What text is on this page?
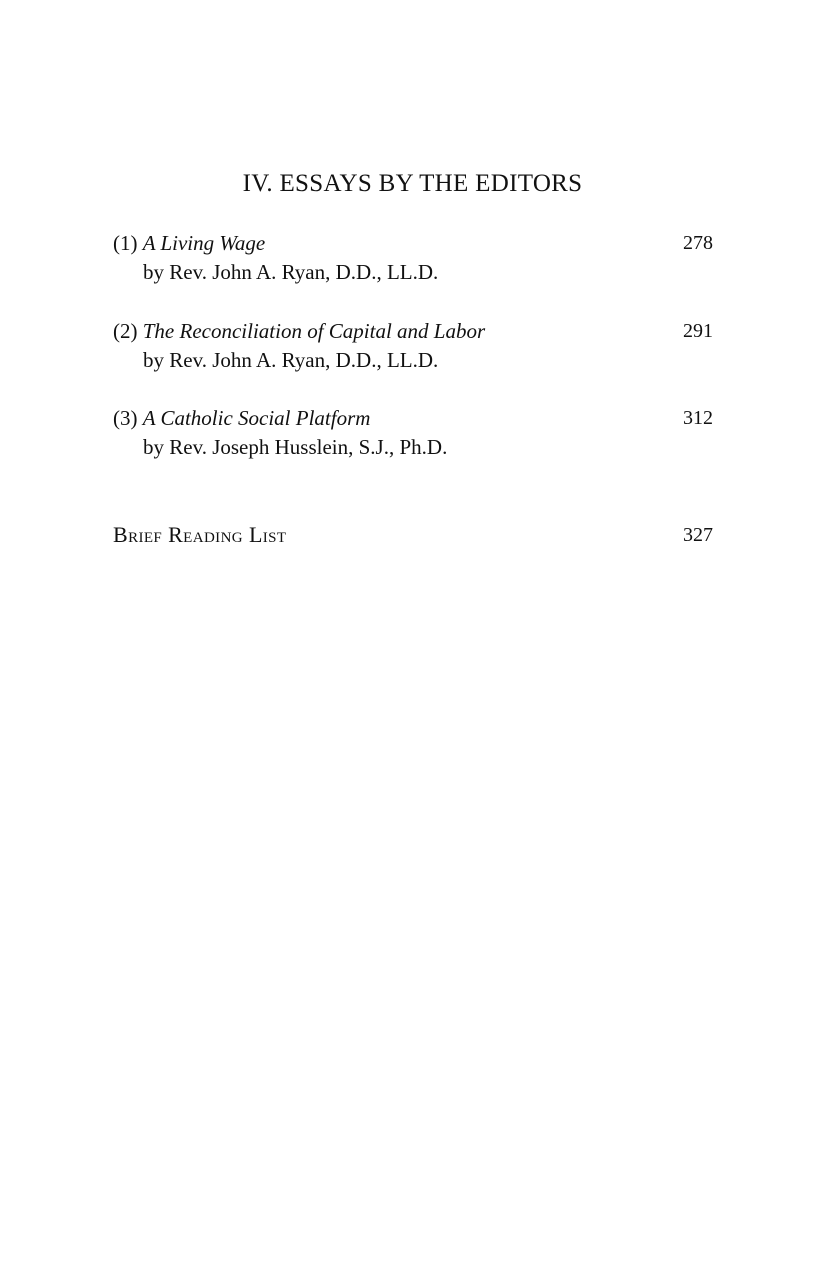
IV. ESSAYS BY THE EDITORS
(1) A Living Wage	278
by Rev. John A. Ryan, D.D., LL.D.
(2) The Reconciliation of Capital and Labor	291
by Rev. John A. Ryan, D.D., LL.D.
(3) A Catholic Social Platform	312
by Rev. Joseph Husslein, S.J., Ph.D.
Brief Reading List	327
